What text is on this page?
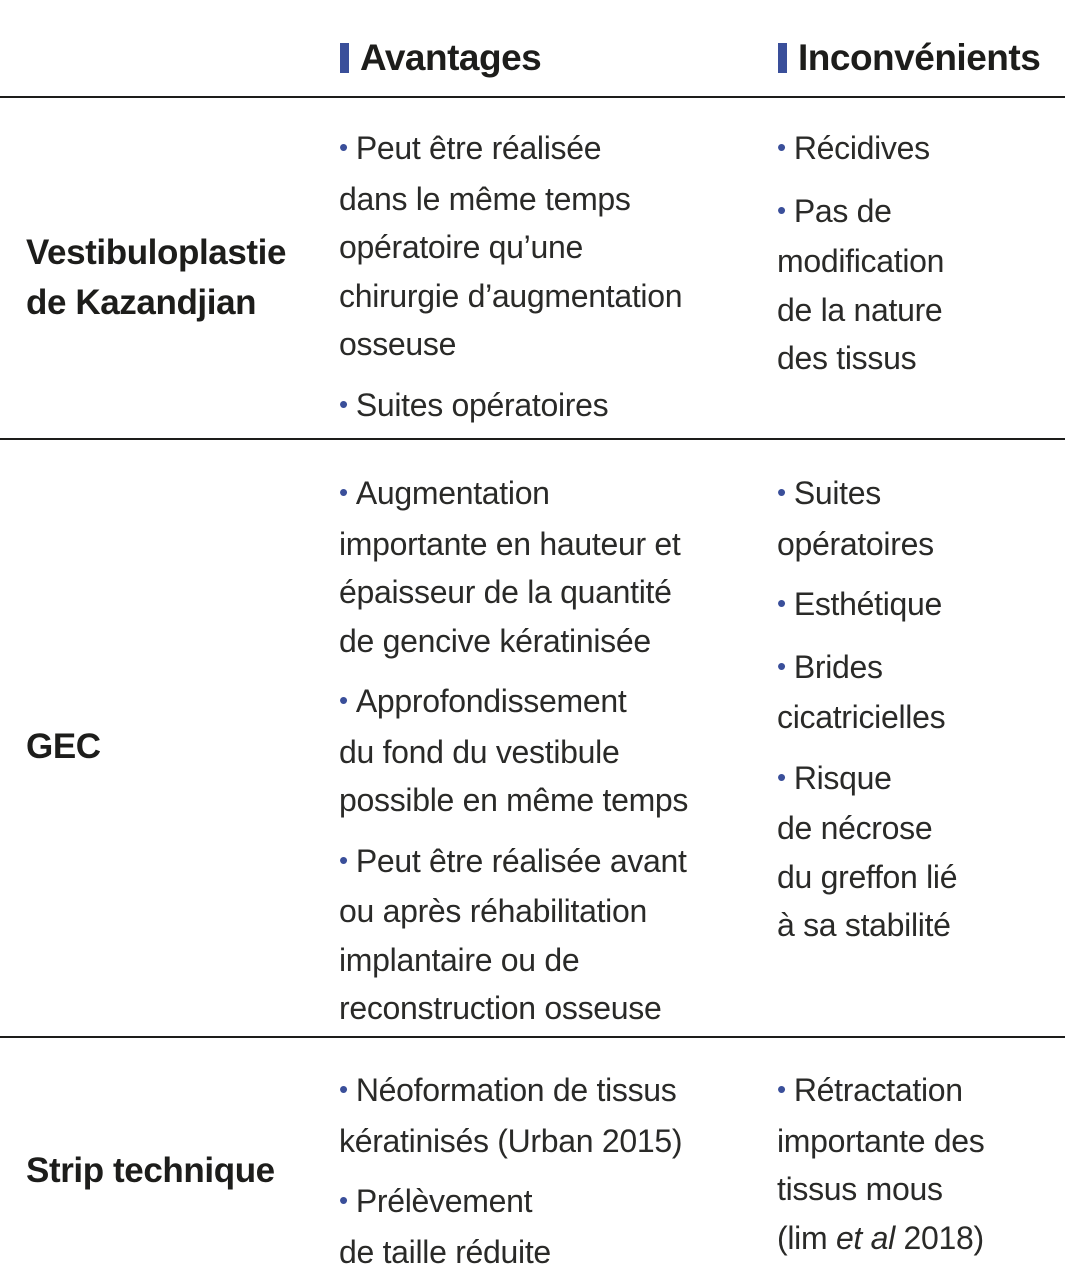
Avantages	Inconvénients
Vestibuloplastie
de Kazandjian
• Peut être réalisée
dans le même temps
opératoire qu’une
chirurgie d’augmentation
osseuse
• Suites opératoires
• Récidives
• Pas de
modification
de la nature
des tissus
GEC
• Augmentation
importante en hauteur et
épaisseur de la quantité
de gencive kératinisée
• Approfondissement
du fond du vestibule
possible en même temps
• Peut être réalisée avant
ou après réhabilitation
implantaire ou de
reconstruction osseuse
• Suites
opératoires
• Esthétique
• Brides
cicatricielles
• Risque
de nécrose
du greffon lié
à sa stabilité
Strip technique
• Néoformation de tissus
kératinisés (Urban 2015)
• Prélèvement
de taille réduite
• Rétractation
importante des
tissus mous
(lim et al 2018)
